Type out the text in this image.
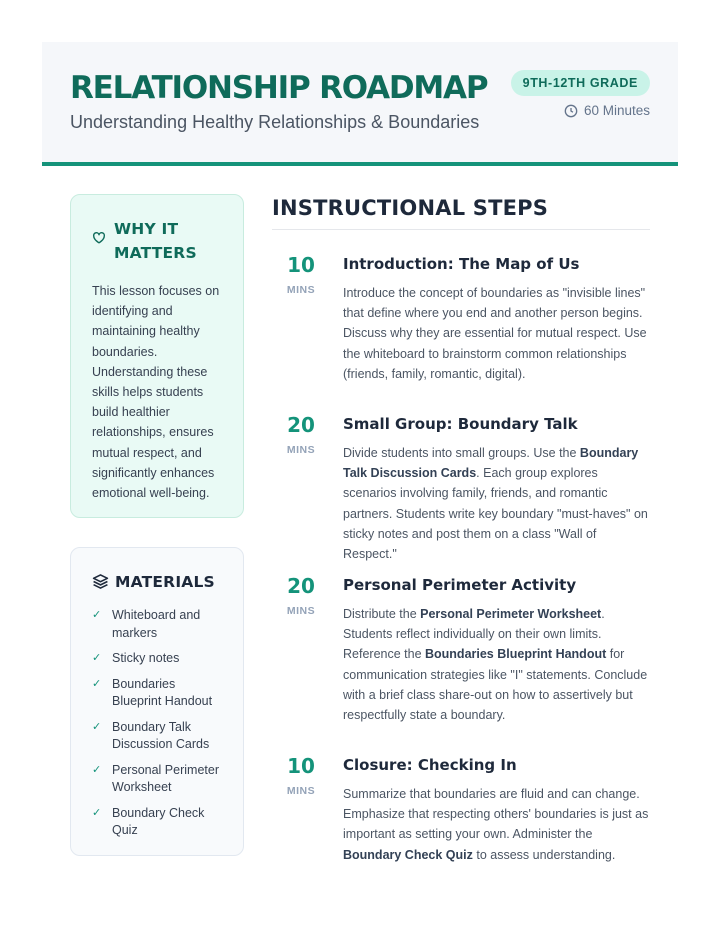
RELATIONSHIP ROADMAP
Understanding Healthy Relationships & Boundaries
9TH-12TH GRADE
60 Minutes
WHY IT MATTERS

This lesson focuses on identifying and maintaining healthy boundaries. Understanding these skills helps students build healthier relationships, ensures mutual respect, and significantly enhances emotional well-being.

MATERIALS
✓ Whiteboard and markers
✓ Sticky notes
✓ Boundaries Blueprint Handout
✓ Boundary Talk Discussion Cards
✓ Personal Perimeter Worksheet
✓ Boundary Check Quiz
INSTRUCTIONAL STEPS
10
MINS
Introduction: The Map of Us

Introduce the concept of boundaries as "invisible lines" that define where you end and another person begins. Discuss why they are essential for mutual respect. Use the whiteboard to brainstorm common relationships (friends, family, romantic, digital).

20
MINS
Small Group: Boundary Talk

Divide students into small groups. Use the Boundary Talk Discussion Cards. Each group explores scenarios involving family, friends, and romantic partners. Students write key boundary "must-haves" on sticky notes and post them on a class "Wall of Respect."

20
MINS
Personal Perimeter Activity

Distribute the Personal Perimeter Worksheet. Students reflect individually on their own limits. Reference the Boundaries Blueprint Handout for communication strategies like "I" statements. Conclude with a brief class share-out on how to assertively but respectfully state a boundary.

10
MINS
Closure: Checking In

Summarize that boundaries are fluid and can change. Emphasize that respecting others' boundaries is just as important as setting your own. Administer the Boundary Check Quiz to assess understanding.
